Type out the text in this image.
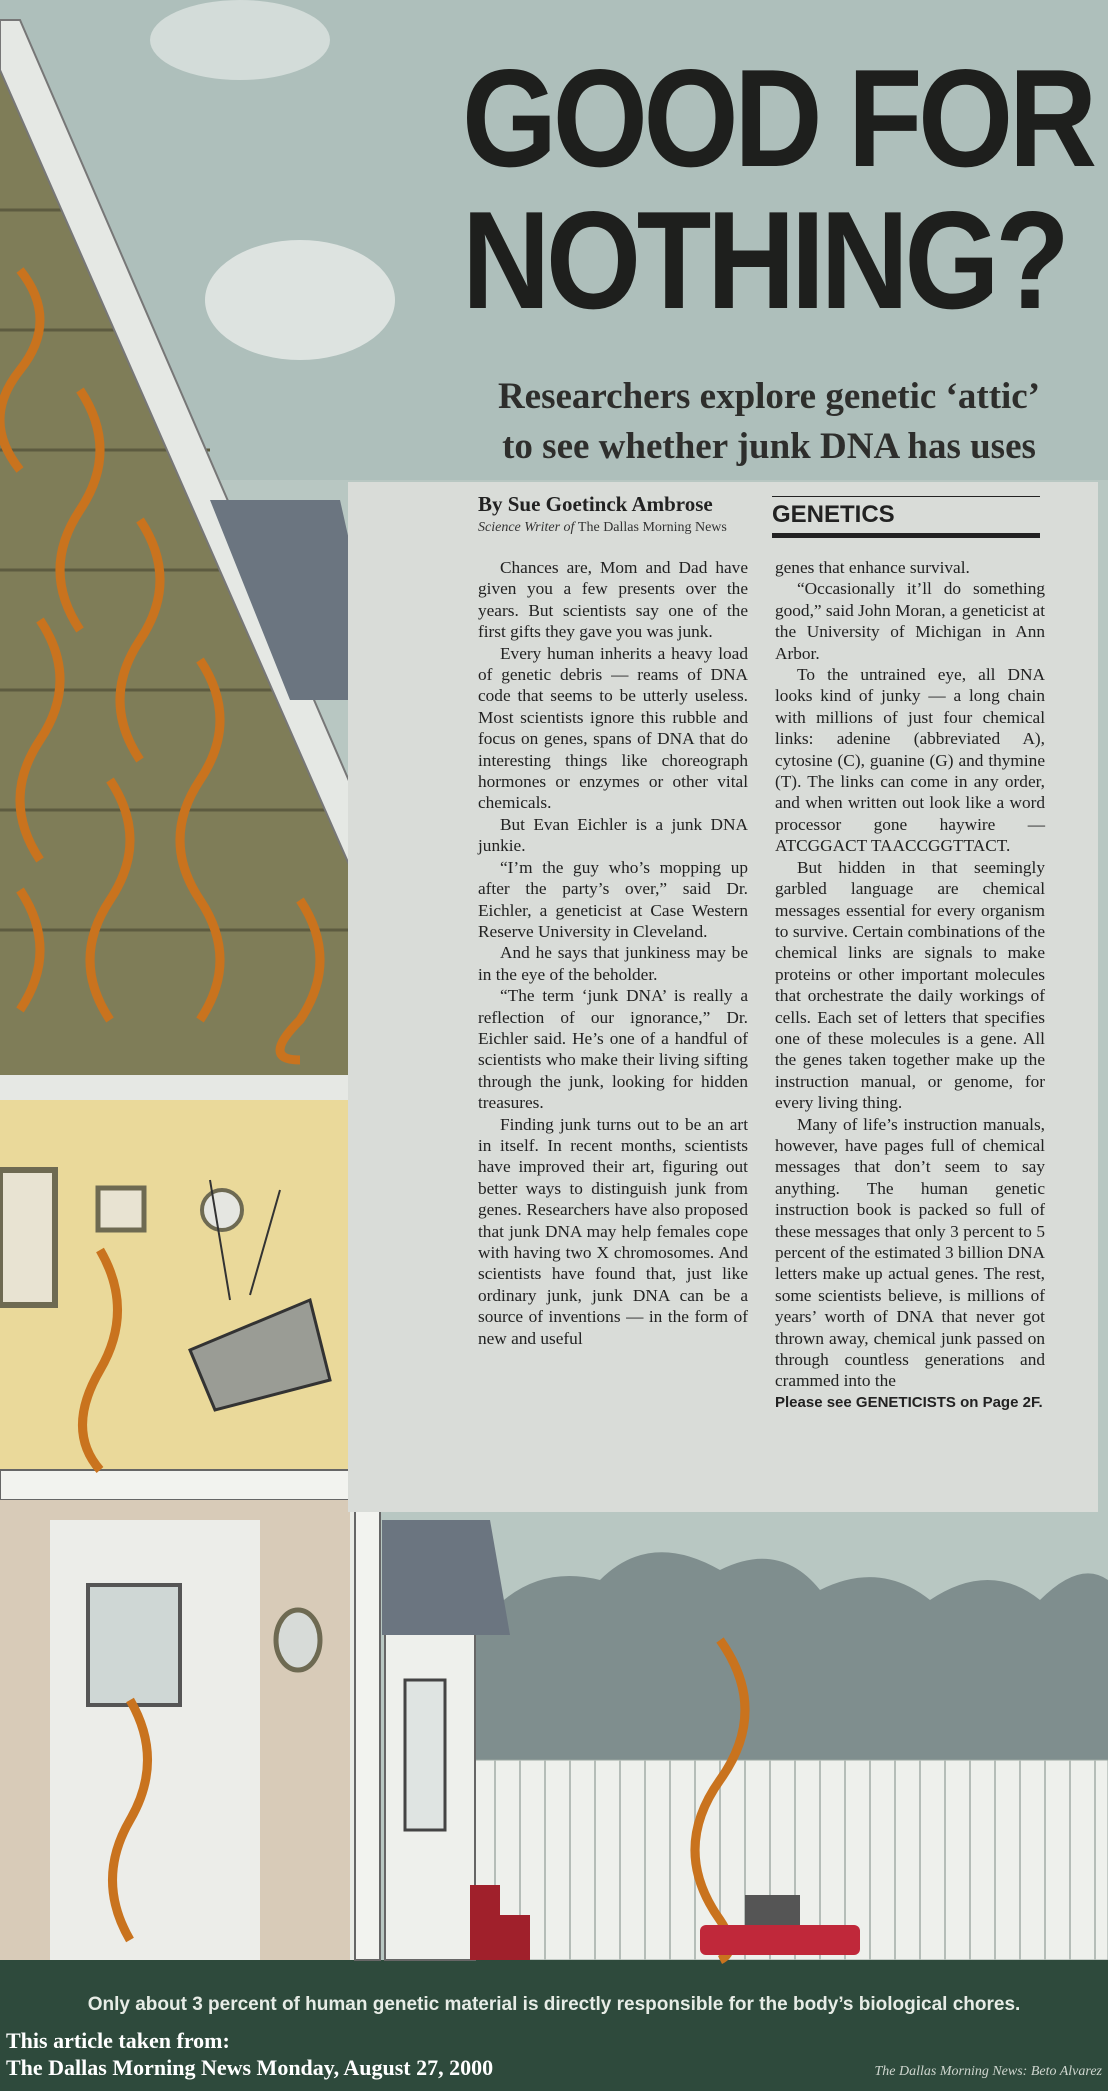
GOOD FOR
NOTHING?
Researchers explore genetic ‘attic’
to see whether junk DNA has uses
By Sue Goetinck Ambrose
Science Writer of The Dallas Morning News GENETICS

Chances are, Mom and Dad have given you a few presents over the years. But scientists say one of the first gifts they gave you was junk.

Every human inherits a heavy load of genetic debris — reams of DNA code that seems to be utterly useless. Most scientists ignore this rubble and focus on genes, spans of DNA that do interesting things like choreograph hormones or enzymes or other vital chemicals.

But Evan Eichler is a junk DNA junkie.

“I’m the guy who’s mopping up after the party’s over,” said Dr. Eichler, a geneticist at Case Western Reserve University in Cleveland.

And he says that junkiness may be in the eye of the beholder.

“The term ‘junk DNA’ is really a reflection of our ignorance,” Dr. Eichler said. He’s one of a handful of scientists who make their living sifting through the junk, looking for hidden treasures.

Finding junk turns out to be an art in itself. In recent months, scientists have improved their art, figuring out better ways to distinguish junk from genes. Researchers have also proposed that junk DNA may help females cope with having two X chromosomes. And scientists have found that, just like ordinary junk, junk DNA can be a source of inventions — in the form of new and useful

genes that enhance survival.

“Occasionally it’ll do something good,” said John Moran, a geneticist at the University of Michigan in Ann Arbor.

To the untrained eye, all DNA looks kind of junky — a long chain with millions of just four chemical links: adenine (abbreviated A), cytosine (C), guanine (G) and thymine (T). The links can come in any order, and when written out look like a word processor gone haywire — ATCGGACT TAACCGGTTACT.

But hidden in that seemingly garbled language are chemical messages essential for every organism to survive. Certain combinations of the chemical links are signals to make proteins or other important molecules that orchestrate the daily workings of cells. Each set of letters that specifies one of these molecules is a gene. All the genes taken together make up the instruction manual, or genome, for every living thing.

Many of life’s instruction manuals, however, have pages full of chemical messages that don’t seem to say anything. The human genetic instruction book is packed so full of these messages that only 3 percent to 5 percent of the estimated 3 billion DNA letters make up actual genes. The rest, some scientists believe, is millions of years’ worth of DNA that never got thrown away, chemical junk passed on through countless generations and crammed into the

Please see GENETICISTS on Page 2F.

Only about 3 percent of human genetic material is directly responsible for the body’s biological chores.
This article taken from:
The Dallas Morning News Monday, August 27, 2000	The Dallas Morning News: Beto Alvarez
